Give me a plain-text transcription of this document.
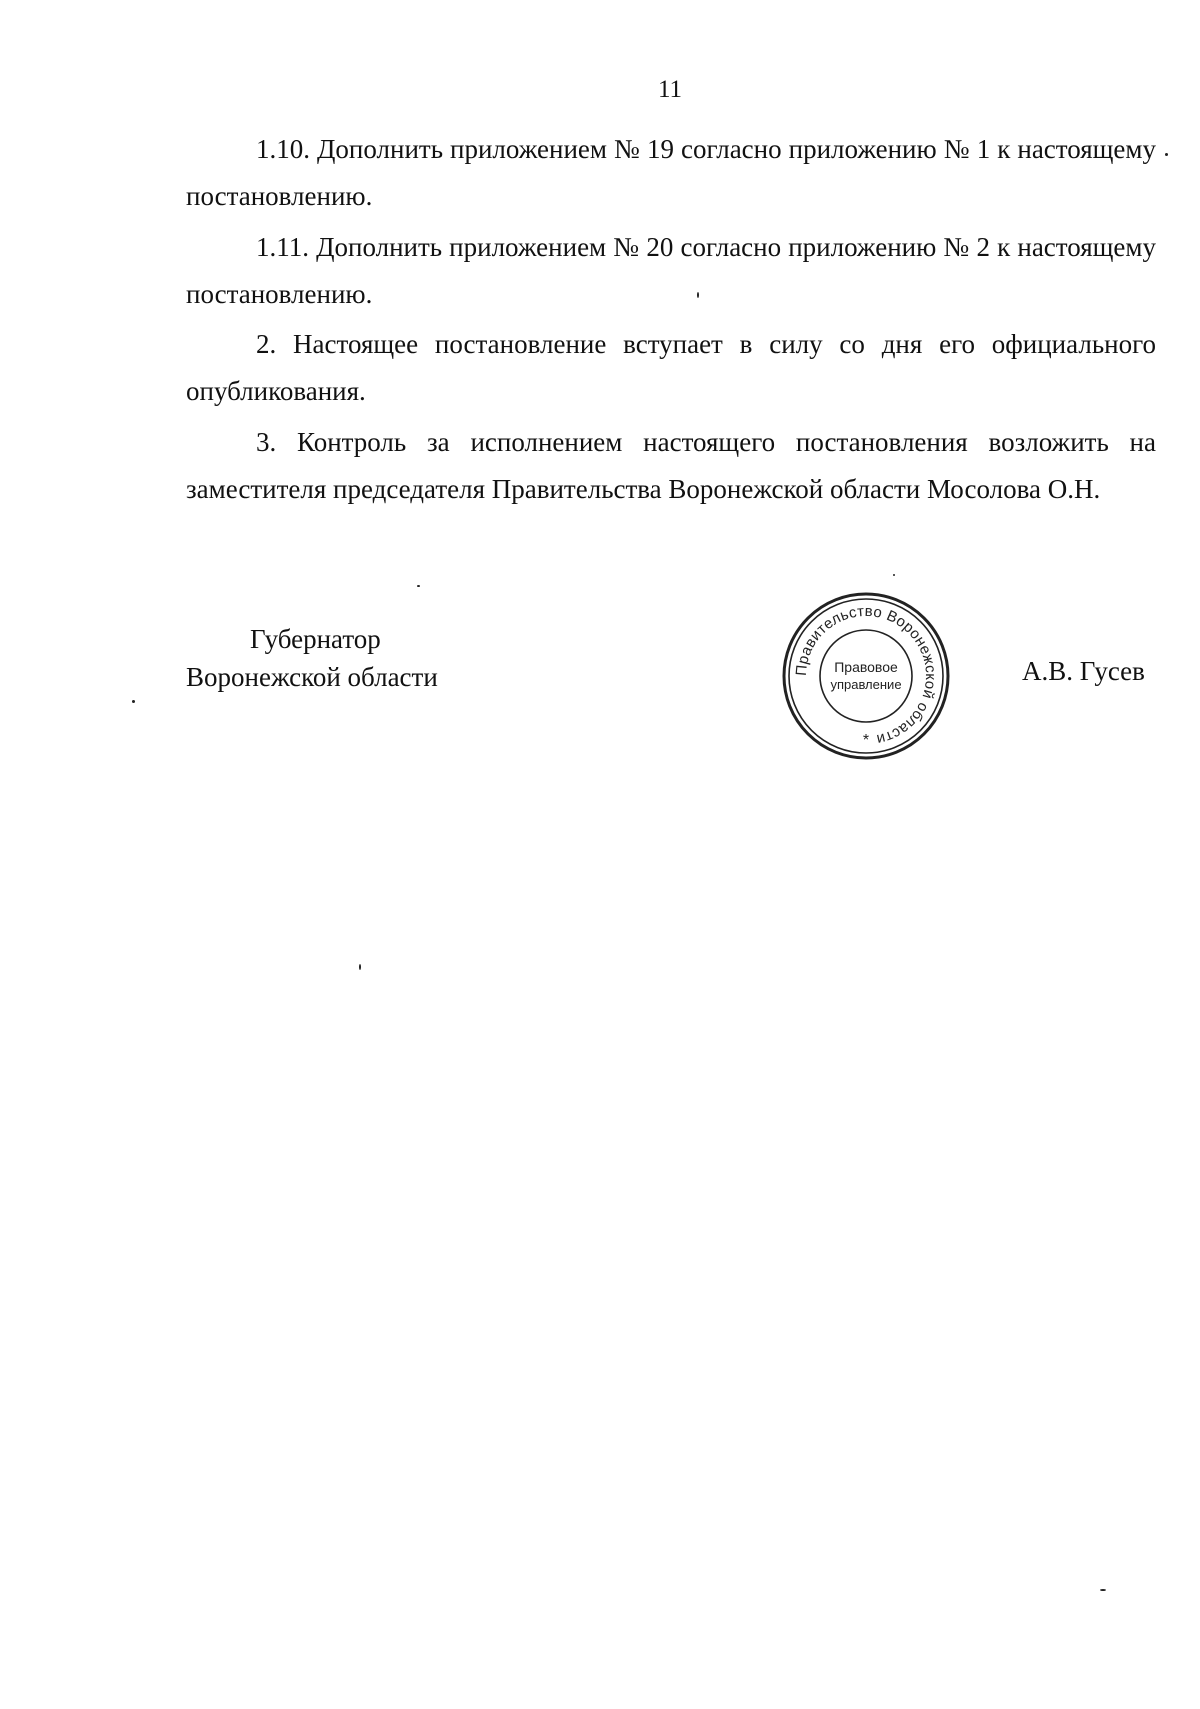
11

1.10. Дополнить приложением № 19 согласно приложению № 1 к настоящему постановлению.

1.11. Дополнить приложением № 20 согласно приложению № 2 к настоящему постановлению.

2. Настоящее постановление вступает в силу со дня его официального опубликования.

3. Контроль за исполнением настоящего постановления возложить на заместителя председателя Правительства Воронежской области Мосолова О.Н.

Губернатор
Воронежской области	А.В. Гусев
Правительство Воронежской области
Правовое
управление
*
